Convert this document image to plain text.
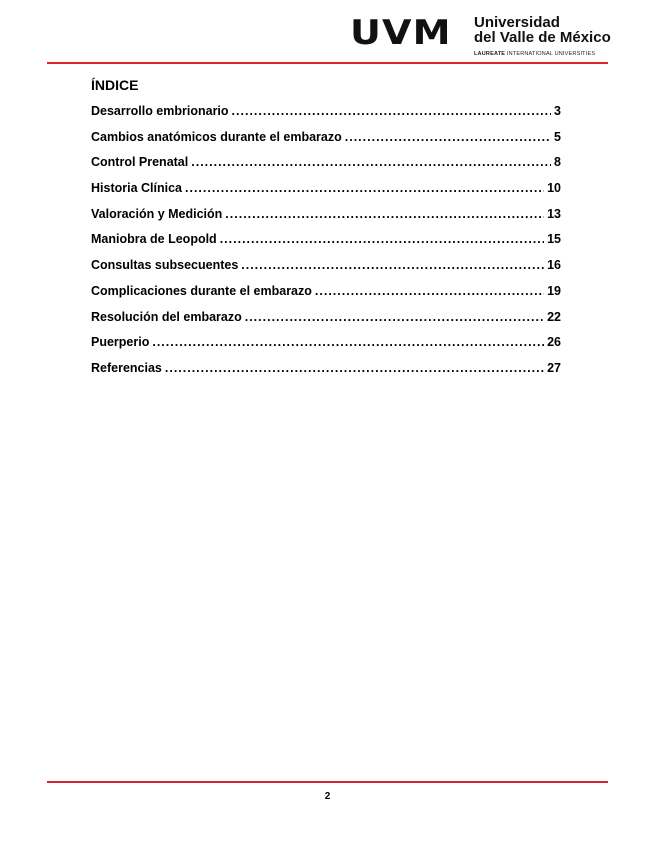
UVM Universidad
del Valle de México
LAUREATE INTERNATIONAL UNIVERSITIES
ÍNDICE
Desarrollo embrionario .....	3
Cambios anatómicos durante el embarazo .....	5
Control Prenatal .....	8
Historia Clínica .....	10
Valoración y Medición .....	13
Maniobra de Leopold .....	15
Consultas subsecuentes .....	16
Complicaciones durante el embarazo .....	19
Resolución del embarazo .....	22
Puerperio .....	26
Referencias .....	27
2
